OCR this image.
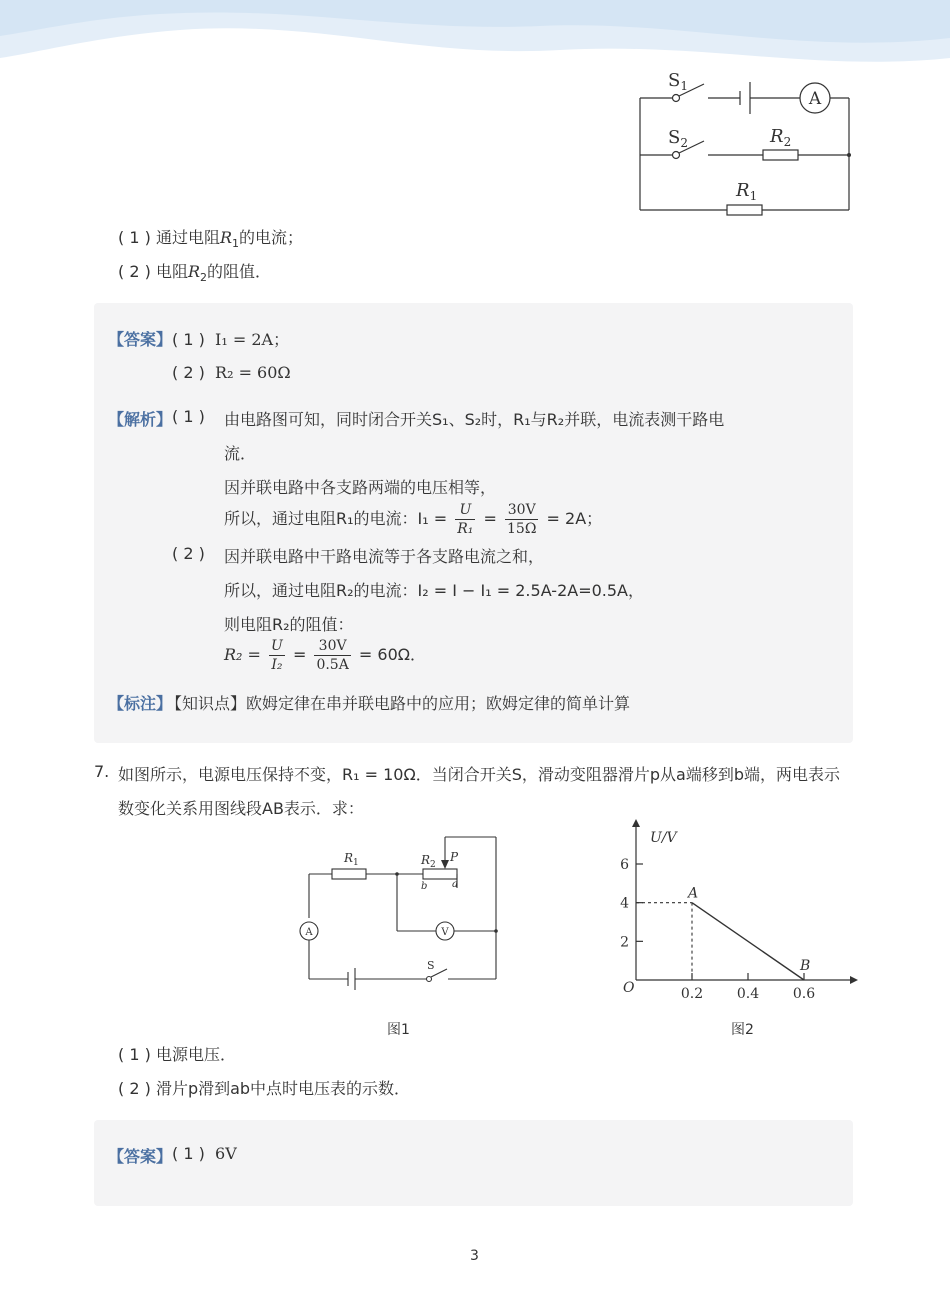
$S_1$
$S_2$
A
$R_2$
$R_1$
( 1 ) 通过电阻$R_1$的电流；
( 2 ) 电阻$R_2$的阻值．
【答案】 ( 1 ) I₁ = 2A；
( 2 ) R₂ = 60Ω
【解析】 ( 1 ) 由电路图可知，同时闭合开关S₁、S₂时，R₁与R₂并联，电流表测干路电
流．
因并联电路中各支路两端的电压相等，
所以，通过电阻R₁的电流：$I_1 = \frac{U}{\text{R₁}} = \frac{30V}{15\Omega} = 2A$；
( 2 ) 因并联电路中干路电流等于各支路电流之和，
所以，通过电阻R₂的电流：I₂ = I − I₁ = 2.5A-2A=0.5A，
则电阻R₂的阻值：
$R_2 = \frac{U}{\text{I₂}} = \frac{30V}{0.5A} = 60\Omega$．
【标注】
【知识点】欧姆定律在串并联电路中的应用；欧姆定律的简单计算
7. 如图所示，电源电压保持不变，R₁ = 10Ω．当闭合开关S，滑动变阻器滑片p从a端移到b端，两电表示
数变化关系用图线段AB表示．求：
$R_1$	$R_2$
P
b a
A	V
S
图1
U/V
O	0.2 0.4 0.6
2
4
6
A
B
图2
( 1 ) 电源电压．
( 2 ) 滑片p滑到ab中点时电压表的示数．
【答案】 ( 1 ) 6V
3
